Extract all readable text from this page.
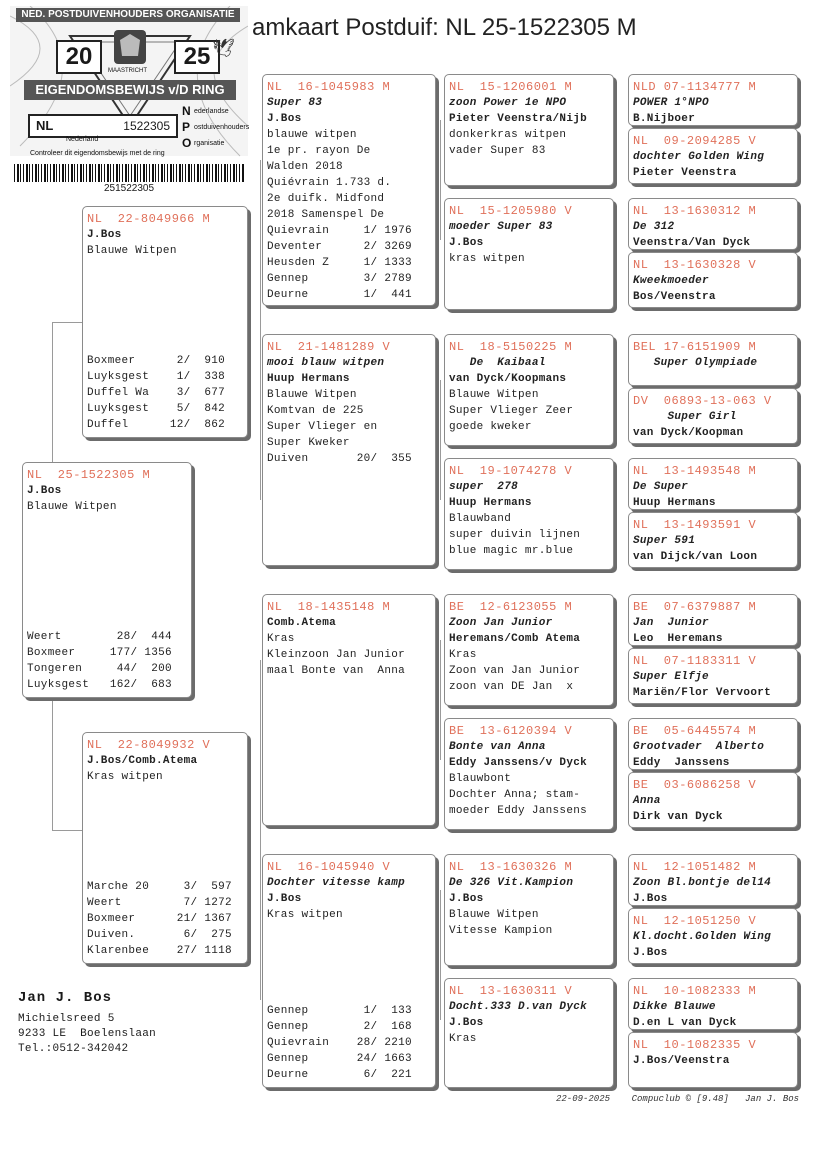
amkaart Postduif: NL 25-1522305 M
NED. POSTDUIVENHOUDERS ORGANISATIE
20	25
MAASTRICHT
EIGENDOMSBEWIJS v/D RING
NL	1522305
Nederland
N ederlandse
P ostduivenhouders
O rganisatie
Controleer dit eigendomsbewijs met de ring
251522305
🕊
NL  25-1522305 M
J.Bos
Blauwe Witpen
Weert        28/  444
Boxmeer     177/ 1356
Tongeren     44/  200
Luyksgest   162/  683
NL  22-8049966 M
J.Bos
Blauwe Witpen
Boxmeer      2/  910
Luyksgest    1/  338
Duffel Wa    3/  677
Luyksgest    5/  842
Duffel      12/  862
NL  22-8049932 V
J.Bos/Comb.Atema
Kras witpen
Marche 20     3/  597
Weert         7/ 1272
Boxmeer      21/ 1367
Duiven.       6/  275
Klarenbee    27/ 1118
NL  16-1045983 M
Super 83
J.Bos
blauwe witpen
1e pr. rayon De
Walden 2018
Quiévrain 1.733 d.
2e duifk. Midfond
2018 Samenspel De
Quievrain     1/ 1976
Deventer      2/ 3269
Heusden Z     1/ 1333
Gennep        3/ 2789
Deurne        1/  441
NL  21-1481289 V
mooi blauw witpen
Huup Hermans
Blauwe Witpen
Komtvan de 225
Super Vlieger en
Super Kweker
Duiven       20/  355
NL  18-1435148 M
Comb.Atema
Kras
Kleinzoon Jan Junior
maal Bonte van  Anna
NL  16-1045940 V
Dochter vitesse kamp
J.Bos
Kras witpen
Gennep        1/  133
Gennep        2/  168
Quievrain    28/ 2210
Gennep       24/ 1663
Deurne        6/  221
NL  15-1206001 M
zoon Power 1e NPO
Pieter Veenstra/Nijb
donkerkras witpen
vader Super 83
NL  15-1205980 V
moeder Super 83
J.Bos
kras witpen
NL  18-5150225 M
De  Kaibaal
van Dyck/Koopmans
Blauwe Witpen
Super Vlieger Zeer
goede kweker
NL  19-1074278 V
super  278
Huup Hermans
Blauwband
super duivin lijnen
blue magic mr.blue
BE  12-6123055 M
Zoon Jan Junior
Heremans/Comb Atema
Kras
Zoon van Jan Junior
zoon van DE Jan  x
BE  13-6120394 V
Bonte van Anna
Eddy Janssens/v Dyck
Blauwbont
Dochter Anna; stam-
moeder Eddy Janssens
NL  13-1630326 M
De 326 Vit.Kampion
J.Bos
Blauwe Witpen
Vitesse Kampion
NL  13-1630311 V
Docht.333 D.van Dyck
J.Bos
Kras
NLD 07-1134777 M
POWER 1°NPO
B.Nijboer
NL  09-2094285 V
dochter Golden Wing
Pieter Veenstra
NL  13-1630312 M
De 312
Veenstra/Van Dyck
NL  13-1630328 V
Kweekmoeder
Bos/Veenstra
BEL 17-6151909 M
Super Olympiade
DV  06893-13-063 V
Super Girl
van Dyck/Koopman
NL  13-1493548 M
De Super
Huup Hermans
NL  13-1493591 V
Super 591
van Dijck/van Loon
BE  07-6379887 M
Jan  Junior
Leo  Heremans
NL  07-1183311 V
Super Elfje
Mariën/Flor Vervoort
BE  05-6445574 M
Grootvader  Alberto
Eddy  Janssens
BE  03-6086258 V
Anna
Dirk van Dyck
NL  12-1051482 M
Zoon Bl.bontje del14
J.Bos
NL  12-1051250 V
Kl.docht.Golden Wing
J.Bos
NL  10-1082333 M
Dikke Blauwe
D.en L van Dyck
NL  10-1082335 V
J.Bos/Veenstra
Jan J. Bos
Michielsreed 5
9233 LE  Boelenslaan
Tel.:0512-342042
22-09-2025    Compuclub © [9.48]   Jan J. Bos
